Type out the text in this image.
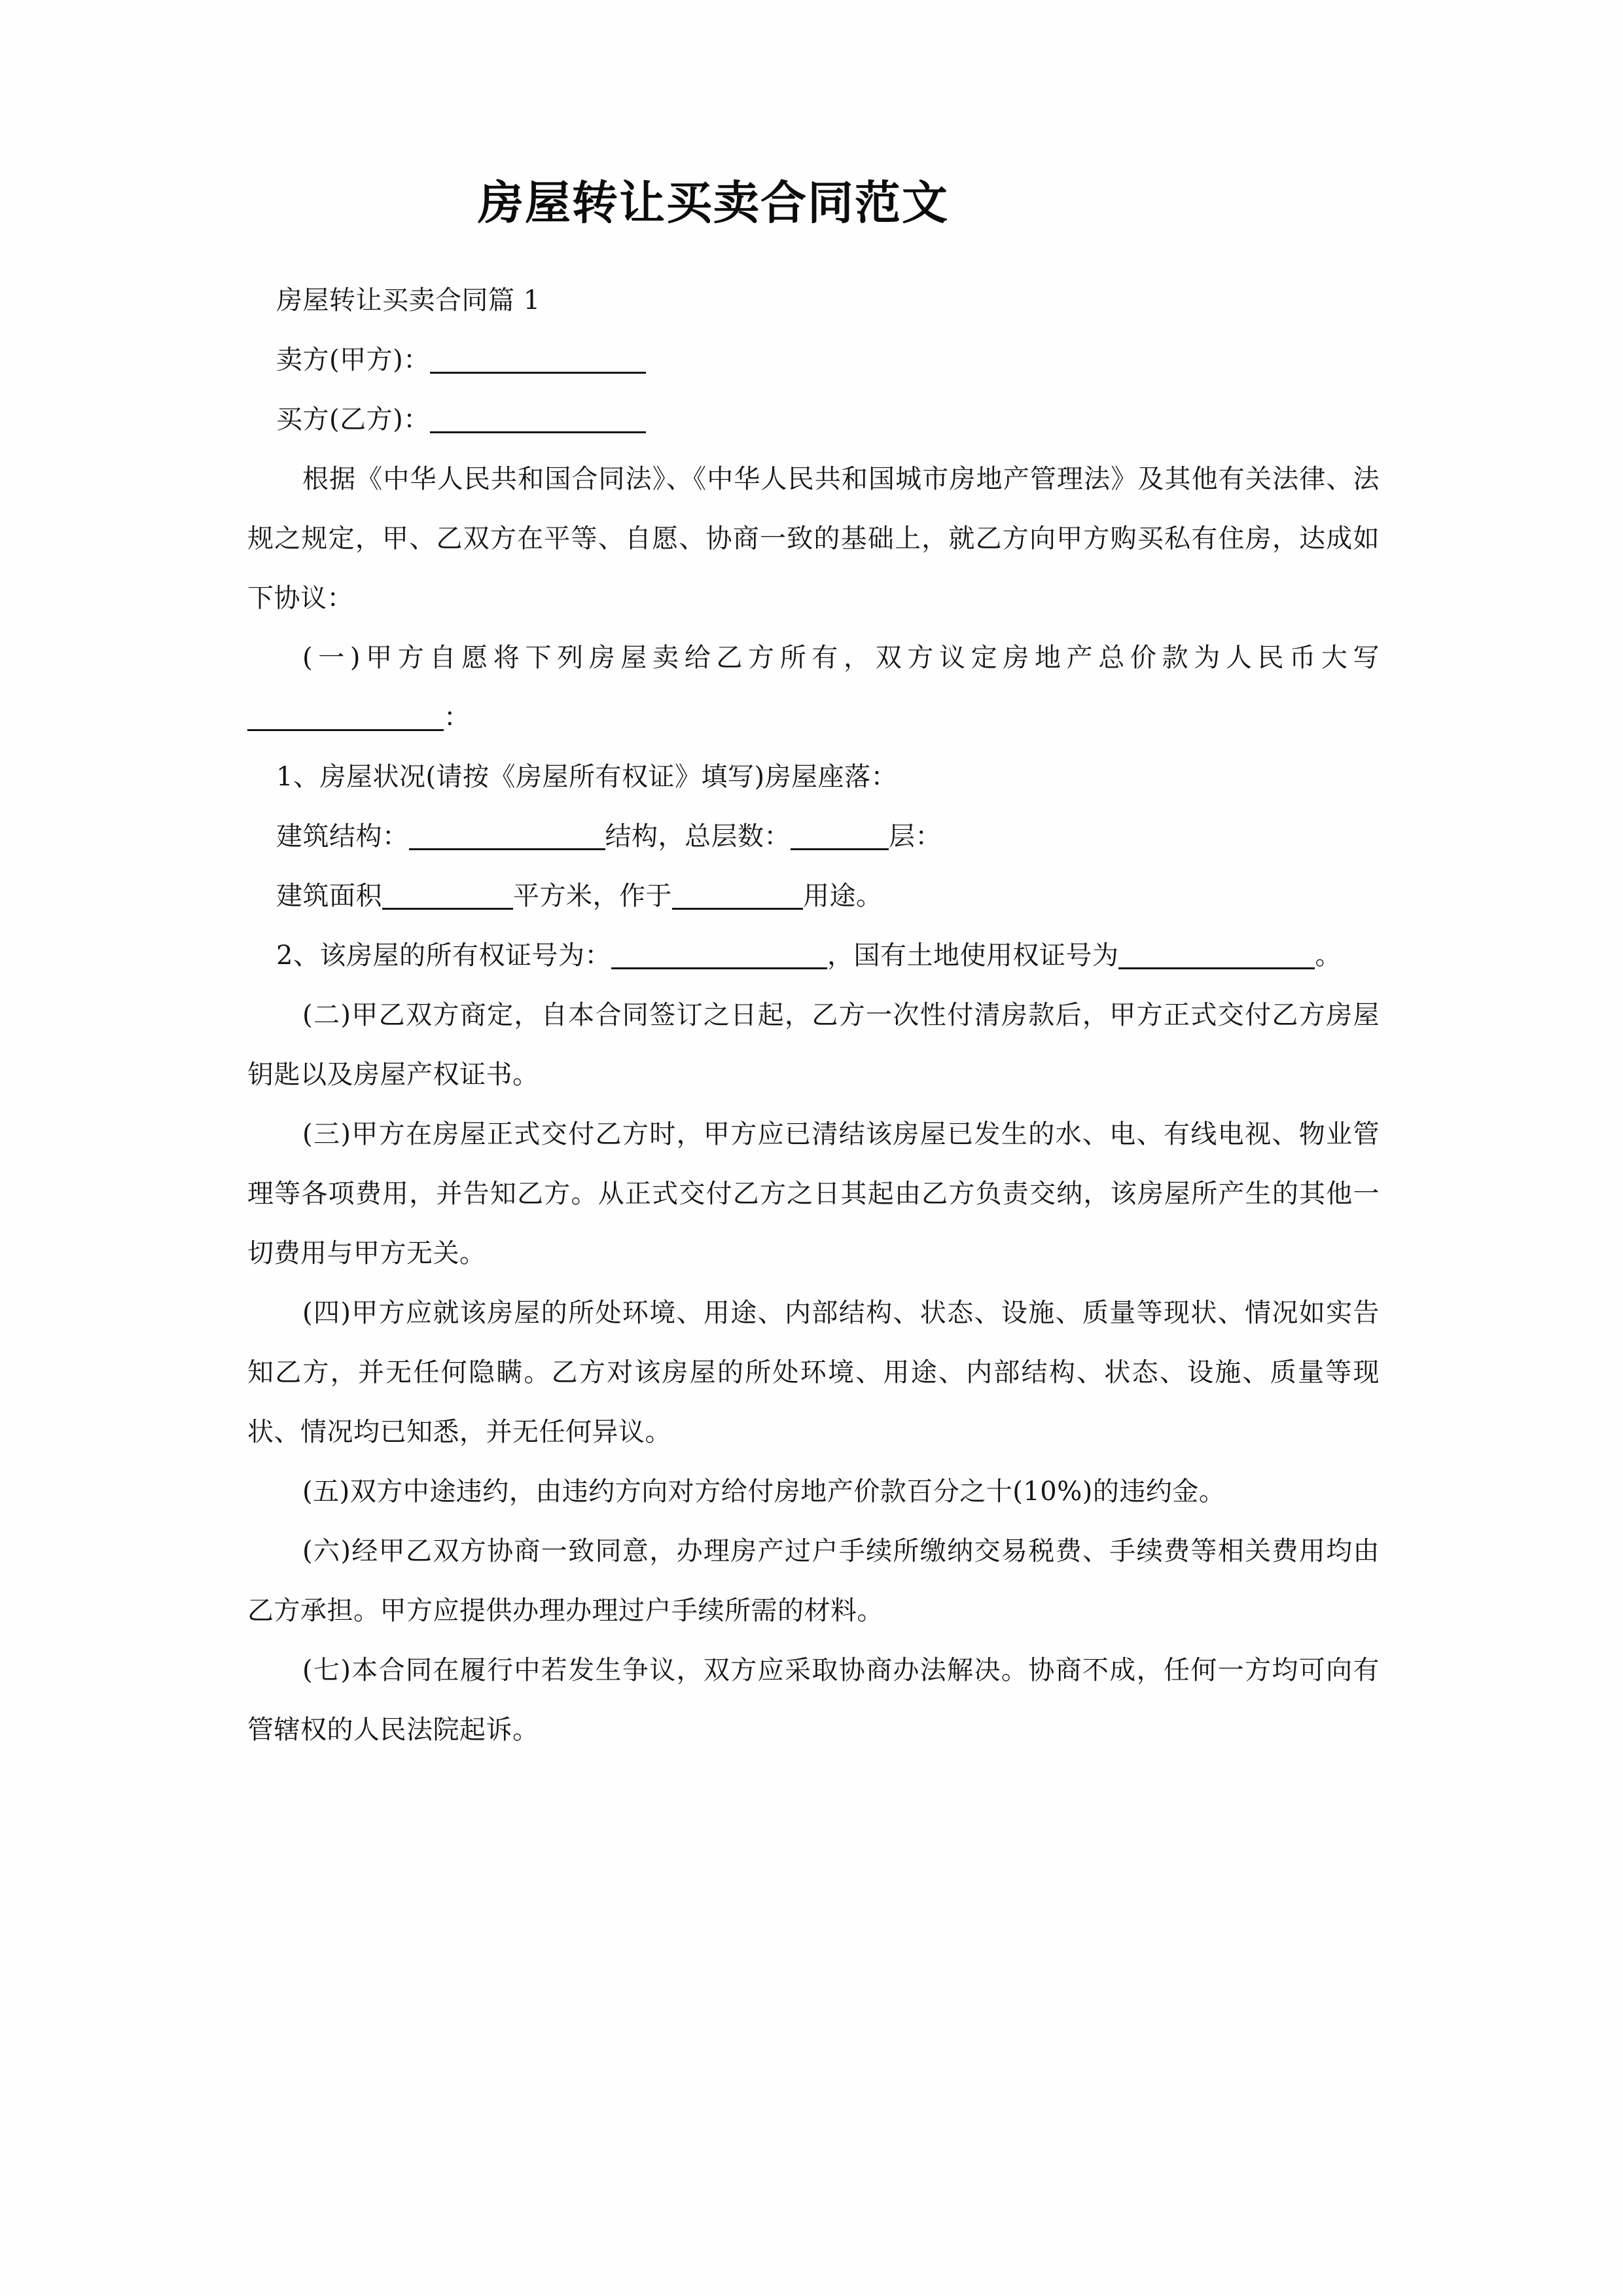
房屋转让买卖合同范文

房屋转让买卖合同篇 1

卖方(甲方)：

买方(乙方)：

根据《中华人民共和国合同法》、《中华人民共和国城市房地产管理法》及其他有关法律、法规之规定，甲、乙双方在平等、自愿、协商一致的基础上，就乙方向甲方购买私有住房，达成如下协议：

(一)甲方自愿将下列房屋卖给乙方所有，双方议定房地产总价款为人民币大写：

1、房屋状况(请按《房屋所有权证》填写)房屋座落：

建筑结构：	结构，总层数：	层：

建筑面积	平方米，作于	用途。

2、该房屋的所有权证号为：	，国有土地使用权证号为	。

(二)甲乙双方商定，自本合同签订之日起，乙方一次性付清房款后，甲方正式交付乙方房屋钥匙以及房屋产权证书。

(三)甲方在房屋正式交付乙方时，甲方应已清结该房屋已发生的水、电、有线电视、物业管理等各项费用，并告知乙方。从正式交付乙方之日其起由乙方负责交纳，该房屋所产生的其他一切费用与甲方无关。

(四)甲方应就该房屋的所处环境、用途、内部结构、状态、设施、质量等现状、情况如实告知乙方，并无任何隐瞒。乙方对该房屋的所处环境、用途、内部结构、状态、设施、质量等现状、情况均已知悉，并无任何异议。

(五)双方中途违约，由违约方向对方给付房地产价款百分之十(10%)的违约金。

(六)经甲乙双方协商一致同意，办理房产过户手续所缴纳交易税费、手续费等相关费用均由乙方承担。甲方应提供办理办理过户手续所需的材料。

(七)本合同在履行中若发生争议，双方应采取协商办法解决。协商不成，任何一方均可向有管辖权的人民法院起诉。
